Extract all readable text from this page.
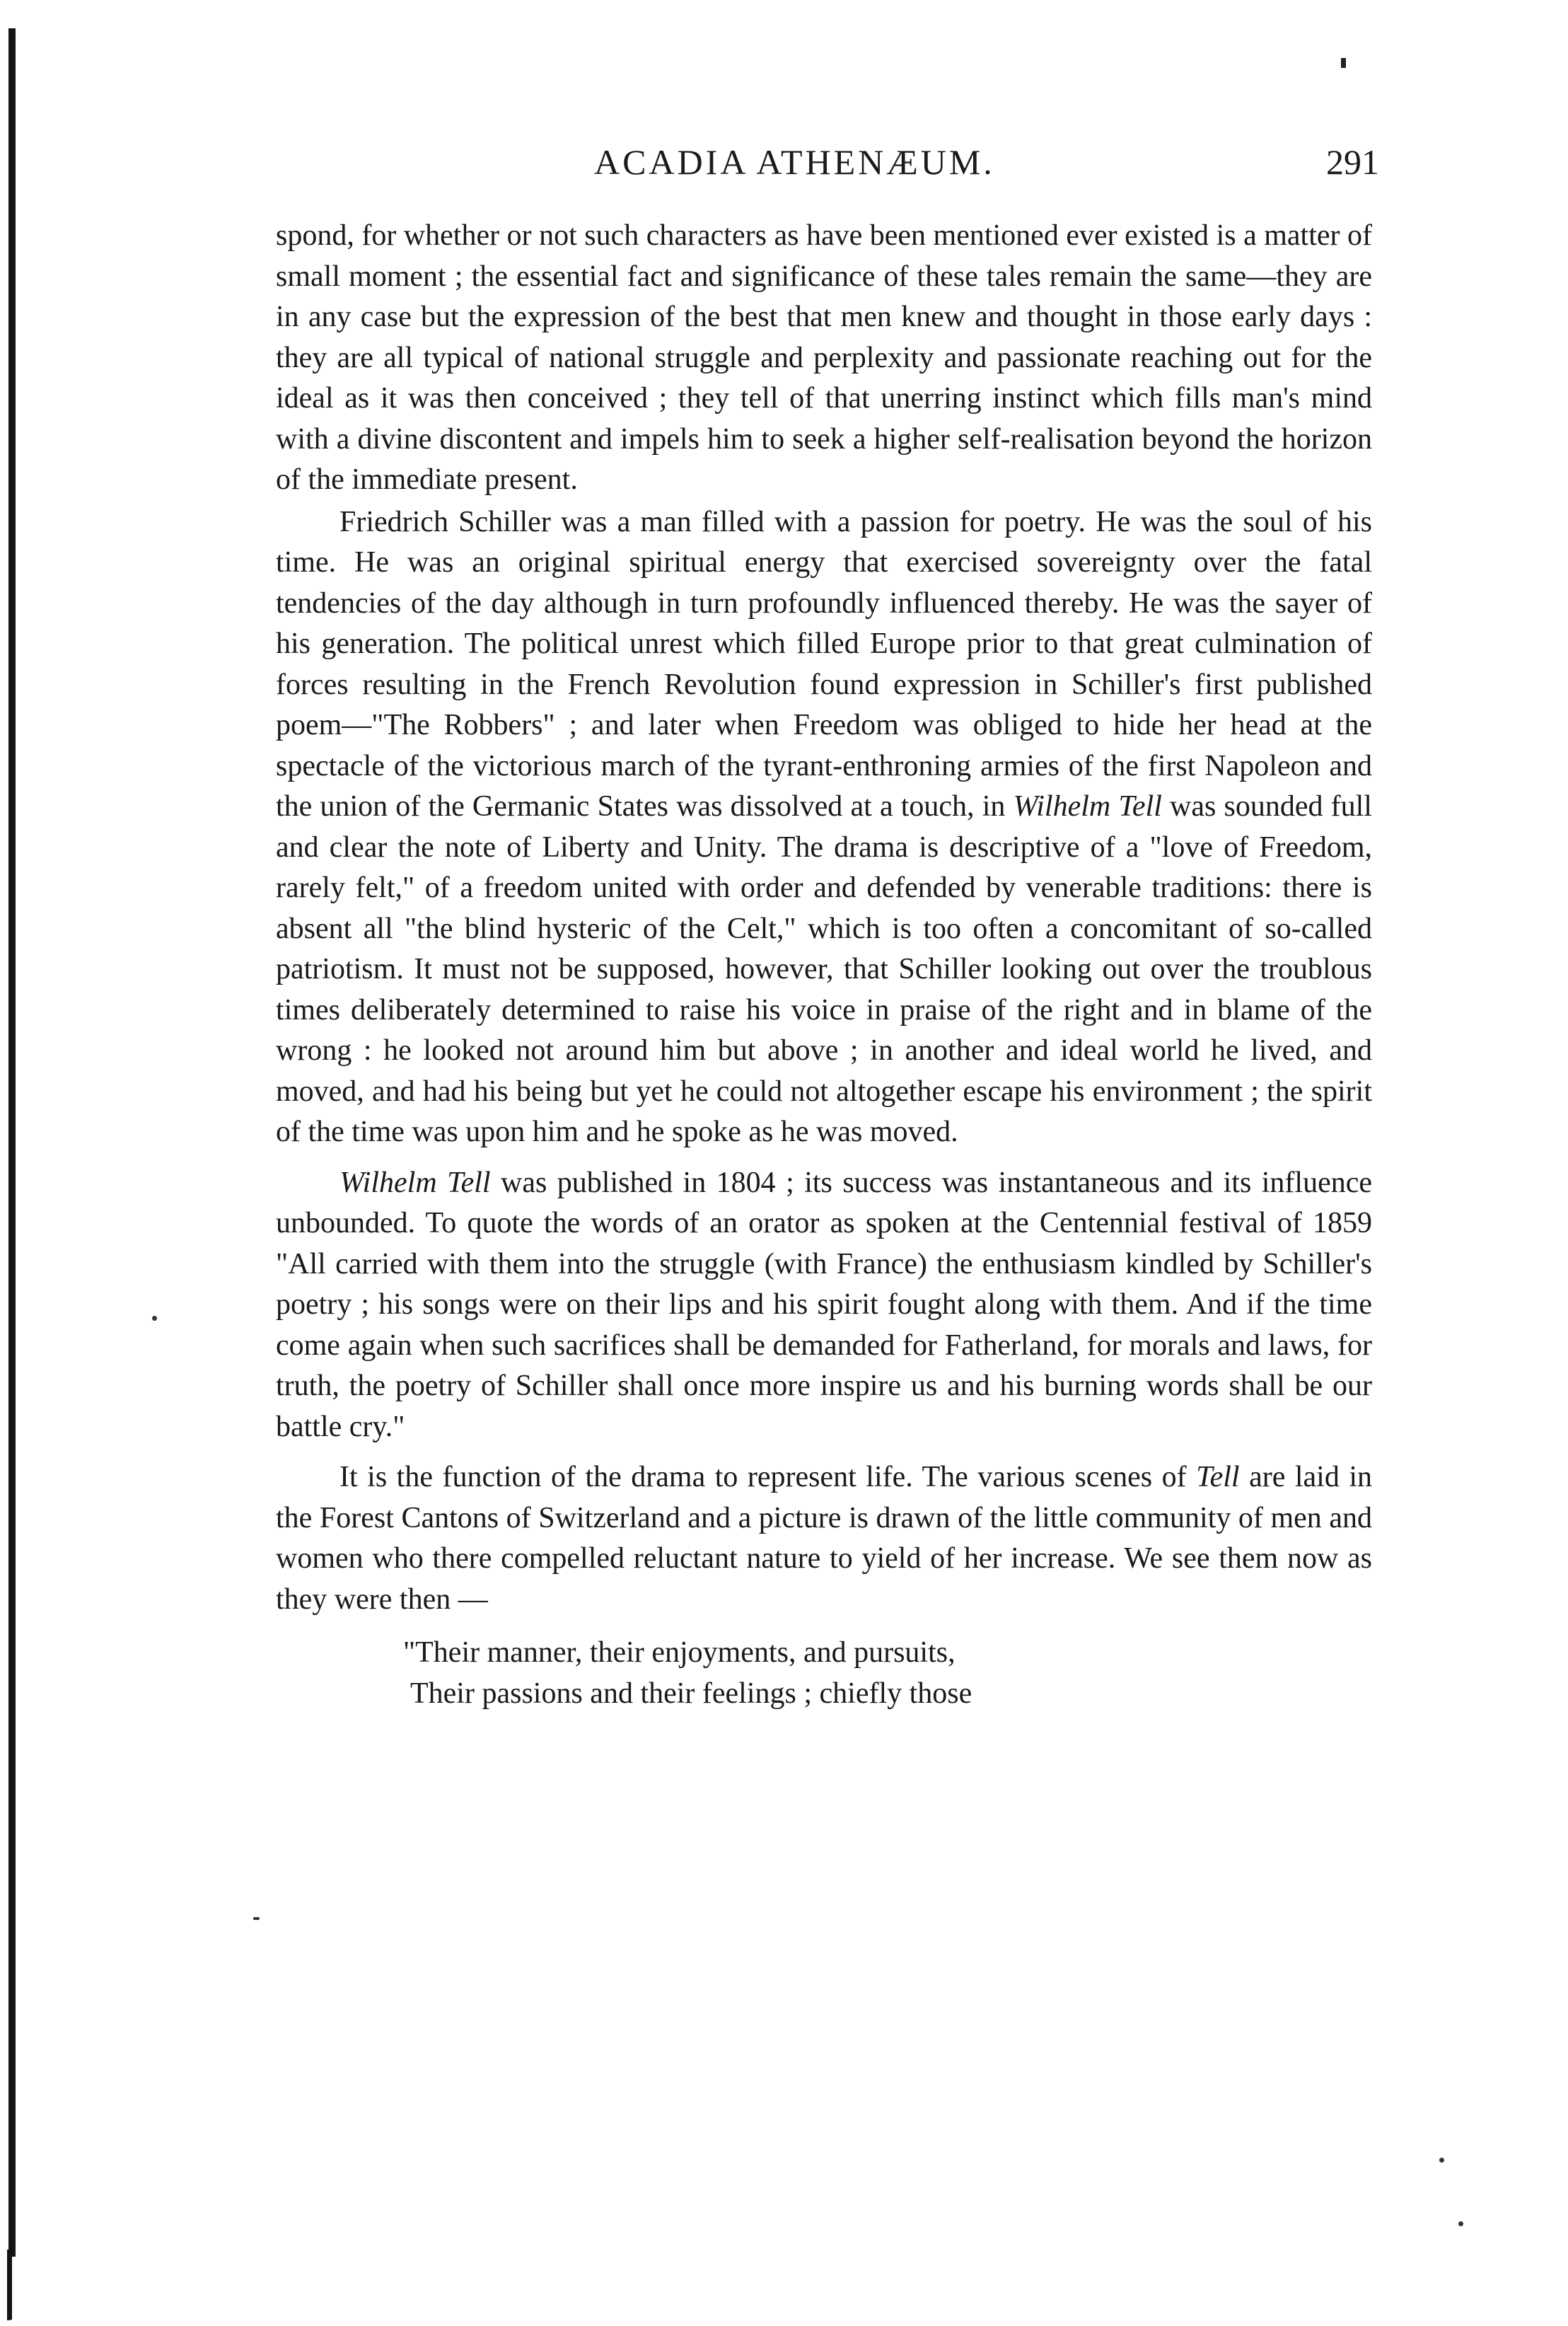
ACADIA ATHENÆUM.	291

spond, for whether or not such characters as have been mentioned ever existed is a matter of small moment ; the essential fact and significance of these tales remain the same—they are in any case but the expression of the best that men knew and thought in those early days : they are all typical of national struggle and perplexity and passionate reaching out for the ideal as it was then conceived ; they tell of that unerring instinct which fills man's mind with a divine discontent and impels him to seek a higher self-realisation beyond the horizon of the immediate present.

Friedrich Schiller was a man filled with a passion for poetry. He was the soul of his time. He was an original spiritual energy that exercised sovereignty over the fatal tendencies of the day although in turn profoundly influenced thereby. He was the sayer of his generation. The political unrest which filled Europe prior to that great culmination of forces resulting in the French Revolution found expression in Schiller's first published poem—"The Robbers" ; and later when Freedom was obliged to hide her head at the spectacle of the victorious march of the tyrant-enthroning armies of the first Napoleon and the union of the Germanic States was dissolved at a touch, in Wilhelm Tell was sounded full and clear the note of Liberty and Unity. The drama is descriptive of a "love of Freedom, rarely felt," of a freedom united with order and defended by venerable traditions: there is absent all "the blind hysteric of the Celt," which is too often a concomitant of so-called patriotism. It must not be supposed, however, that Schiller looking out over the troublous times deliberately determined to raise his voice in praise of the right and in blame of the wrong : he looked not around him but above ; in another and ideal world he lived, and moved, and had his being but yet he could not altogether escape his environment ; the spirit of the time was upon him and he spoke as he was moved.

Wilhelm Tell was published in 1804 ; its success was instantaneous and its influence unbounded. To quote the words of an orator as spoken at the Centennial festival of 1859 "All carried with them into the struggle (with France) the enthusiasm kindled by Schiller's poetry ; his songs were on their lips and his spirit fought along with them. And if the time come again when such sacrifices shall be demanded for Fatherland, for morals and laws, for truth, the poetry of Schiller shall once more inspire us and his burning words shall be our battle cry."

It is the function of the drama to represent life. The various scenes of Tell are laid in the Forest Cantons of Switzerland and a picture is drawn of the little community of men and women who there compelled reluctant nature to yield of her increase. We see them now as they were then —

"Their manner, their enjoyments, and pursuits,
Their passions and their feelings ; chiefly those
